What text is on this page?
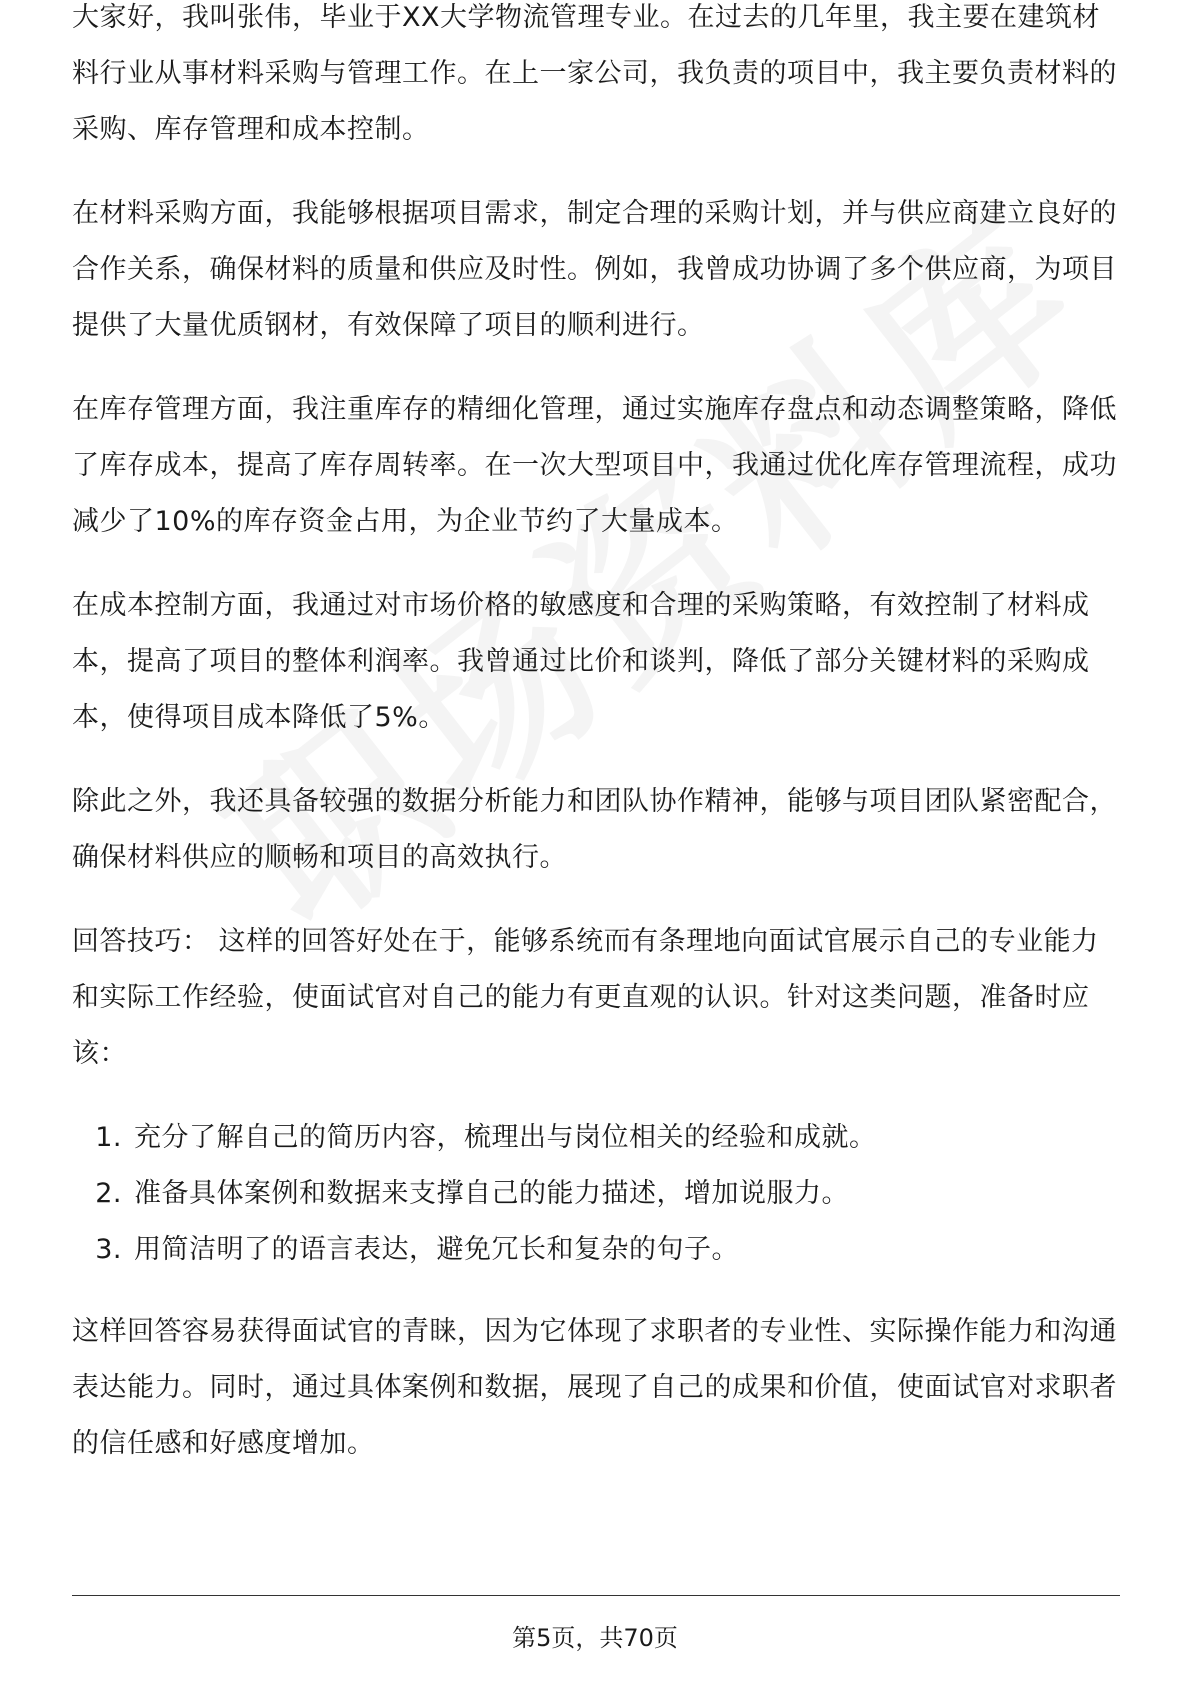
大家好，我叫张伟，毕业于XX大学物流管理专业。在过去的几年里，我主要在建筑材料行业从事材料采购与管理工作。在上一家公司，我负责的项目中，我主要负责材料的采购、库存管理和成本控制。

在材料采购方面，我能够根据项目需求，制定合理的采购计划，并与供应商建立良好的合作关系，确保材料的质量和供应及时性。例如，我曾成功协调了多个供应商，为项目提供了大量优质钢材，有效保障了项目的顺利进行。

在库存管理方面，我注重库存的精细化管理，通过实施库存盘点和动态调整策略，降低了库存成本，提高了库存周转率。在一次大型项目中，我通过优化库存管理流程，成功减少了10%的库存资金占用，为企业节约了大量成本。

在成本控制方面，我通过对市场价格的敏感度和合理的采购策略，有效控制了材料成本，提高了项目的整体利润率。我曾通过比价和谈判，降低了部分关键材料的采购成本，使得项目成本降低了5%。

除此之外，我还具备较强的数据分析能力和团队协作精神，能够与项目团队紧密配合，确保材料供应的顺畅和项目的高效执行。

回答技巧： 这样的回答好处在于，能够系统而有条理地向面试官展示自己的专业能力和实际工作经验，使面试官对自己的能力有更直观的认识。针对这类问题，准备时应该：

1. 充分了解自己的简历内容，梳理出与岗位相关的经验和成就。
2. 准备具体案例和数据来支撑自己的能力描述，增加说服力。
3. 用简洁明了的语言表达，避免冗长和复杂的句子。

这样回答容易获得面试官的青睐，因为它体现了求职者的专业性、实际操作能力和沟通表达能力。同时，通过具体案例和数据，展现了自己的成果和价值，使面试官对求职者的信任感和好感度增加。

第5页，共70页
